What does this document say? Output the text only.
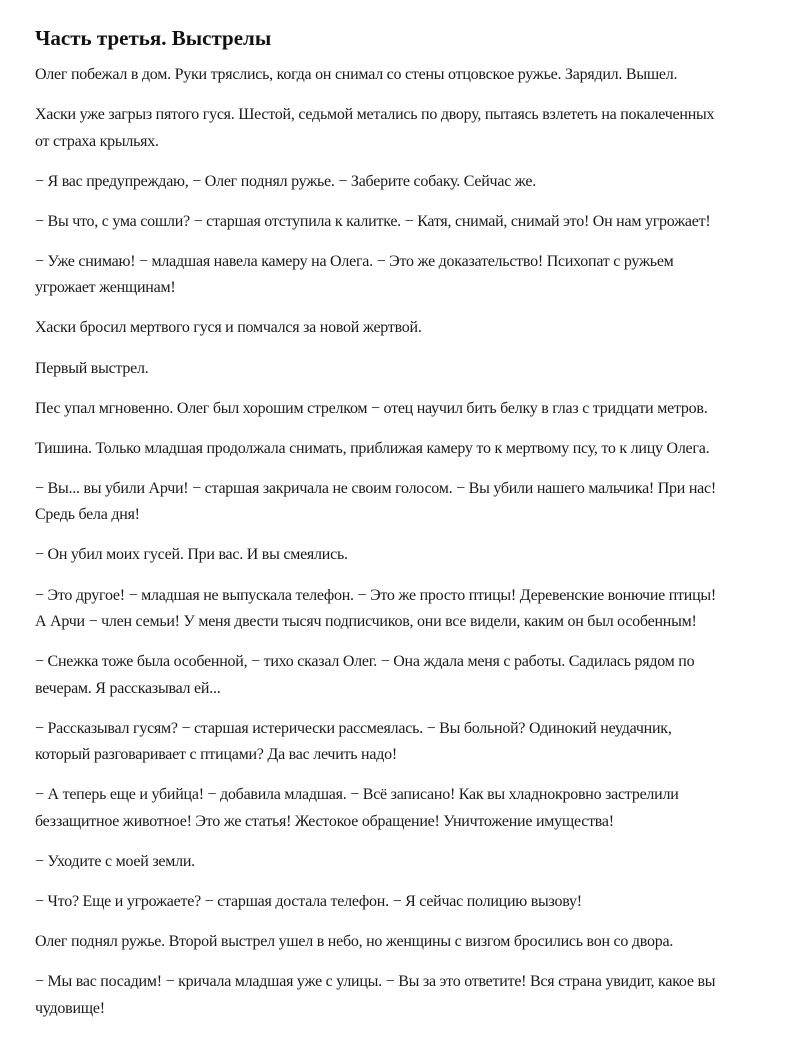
Часть третья. Выстрелы

Олег побежал в дом. Руки тряслись, когда он снимал со стены отцовское ружье. Зарядил. Вышел.

Хаски уже загрыз пятого гуся. Шестой, седьмой метались по двору, пытаясь взлететь на покалеченных от страха крыльях.

− Я вас предупреждаю, − Олег поднял ружье. − Заберите собаку. Сейчас же.

− Вы что, с ума сошли? − старшая отступила к калитке. − Катя, снимай, снимай это! Он нам угрожает!

− Уже снимаю! − младшая навела камеру на Олега. − Это же доказательство! Психопат с ружьем угрожает женщинам!

Хаски бросил мертвого гуся и помчался за новой жертвой.

Первый выстрел.

Пес упал мгновенно. Олег был хорошим стрелком − отец научил бить белку в глаз с тридцати метров.

Тишина. Только младшая продолжала снимать, приближая камеру то к мертвому псу, то к лицу Олега.

− Вы... вы убили Арчи! − старшая закричала не своим голосом. − Вы убили нашего мальчика! При нас! Средь бела дня!

− Он убил моих гусей. При вас. И вы смеялись.

− Это другое! − младшая не выпускала телефон. − Это же просто птицы! Деревенские вонючие птицы! А Арчи − член семьи! У меня двести тысяч подписчиков, они все видели, каким он был особенным!

− Снежка тоже была особенной, − тихо сказал Олег. − Она ждала меня с работы. Садилась рядом по вечерам. Я рассказывал ей...

− Рассказывал гусям? − старшая истерически рассмеялась. − Вы больной? Одинокий неудачник, который разговаривает с птицами? Да вас лечить надо!

− А теперь еще и убийца! − добавила младшая. − Всё записано! Как вы хладнокровно застрелили беззащитное животное! Это же статья! Жестокое обращение! Уничтожение имущества!

− Уходите с моей земли.

− Что? Еще и угрожаете? − старшая достала телефон. − Я сейчас полицию вызову!

Олег поднял ружье. Второй выстрел ушел в небо, но женщины с визгом бросились вон со двора.

− Мы вас посадим! − кричала младшая уже с улицы. − Вы за это ответите! Вся страна увидит, какое вы чудовище!
